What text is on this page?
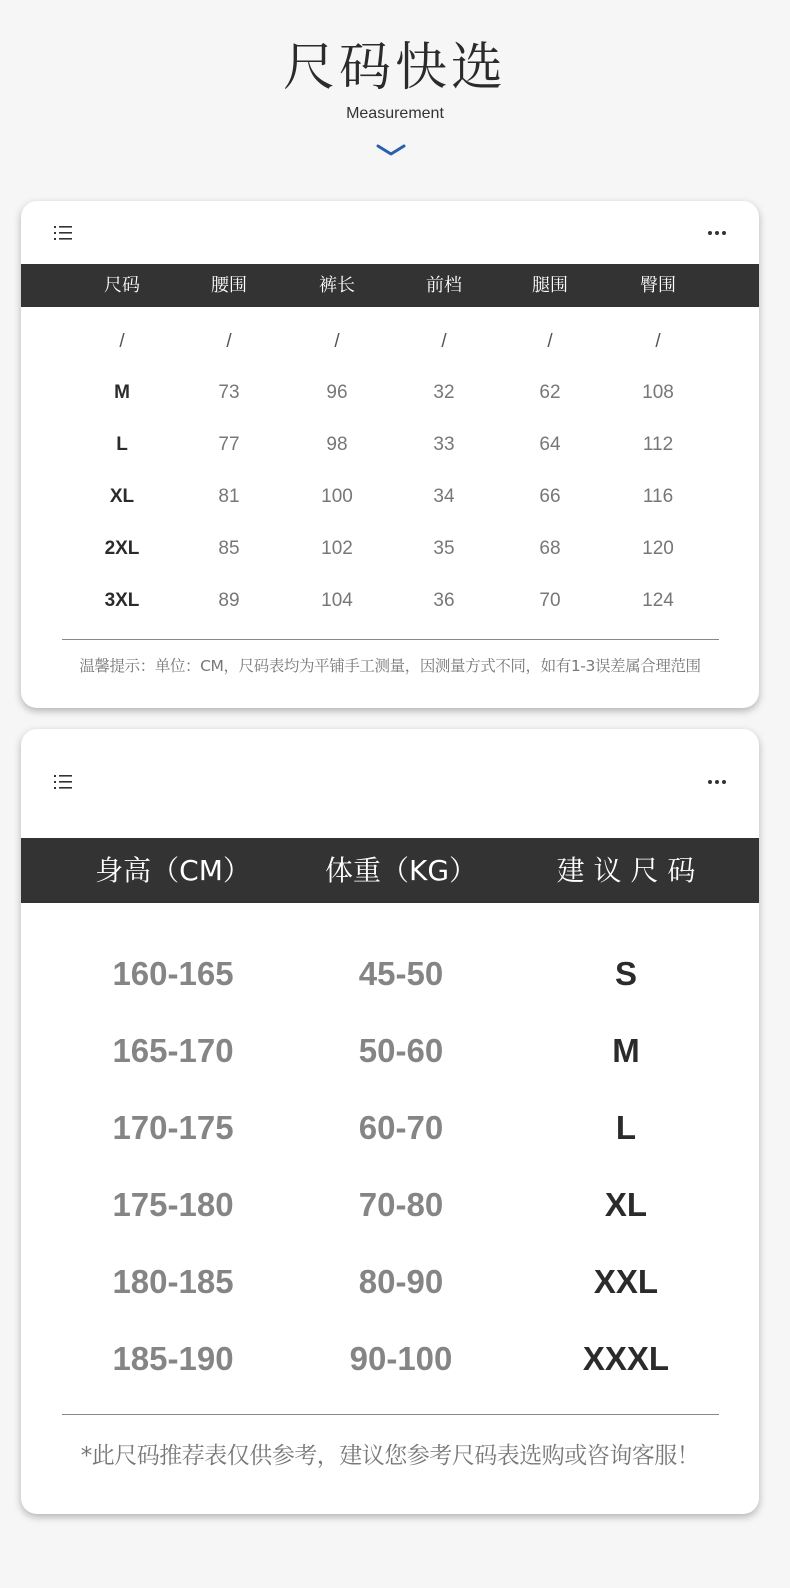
尺码快选
Measurement
尺码	腰围	裤长	前档	腿围	臀围
/	/	/	/	/	/
M	73	96	32	62	108
L	77	98	33	64	112
XL	81	100	34	66	116
2XL	85	102	35	68	120
3XL	89	104	36	70	124
温馨提示：单位：CM，尺码表均为平铺手工测量，因测量方式不同，如有1-3误差属合理范围
身高（CM）	体重（KG）	建 议 尺 码
160-165	45-50	S
165-170	50-60	M
170-175	60-70	L
175-180	70-80	XL
180-185	80-90	XXL
185-190	90-100	XXXL
*此尺码推荐表仅供参考，建议您参考尺码表选购或咨询客服！
